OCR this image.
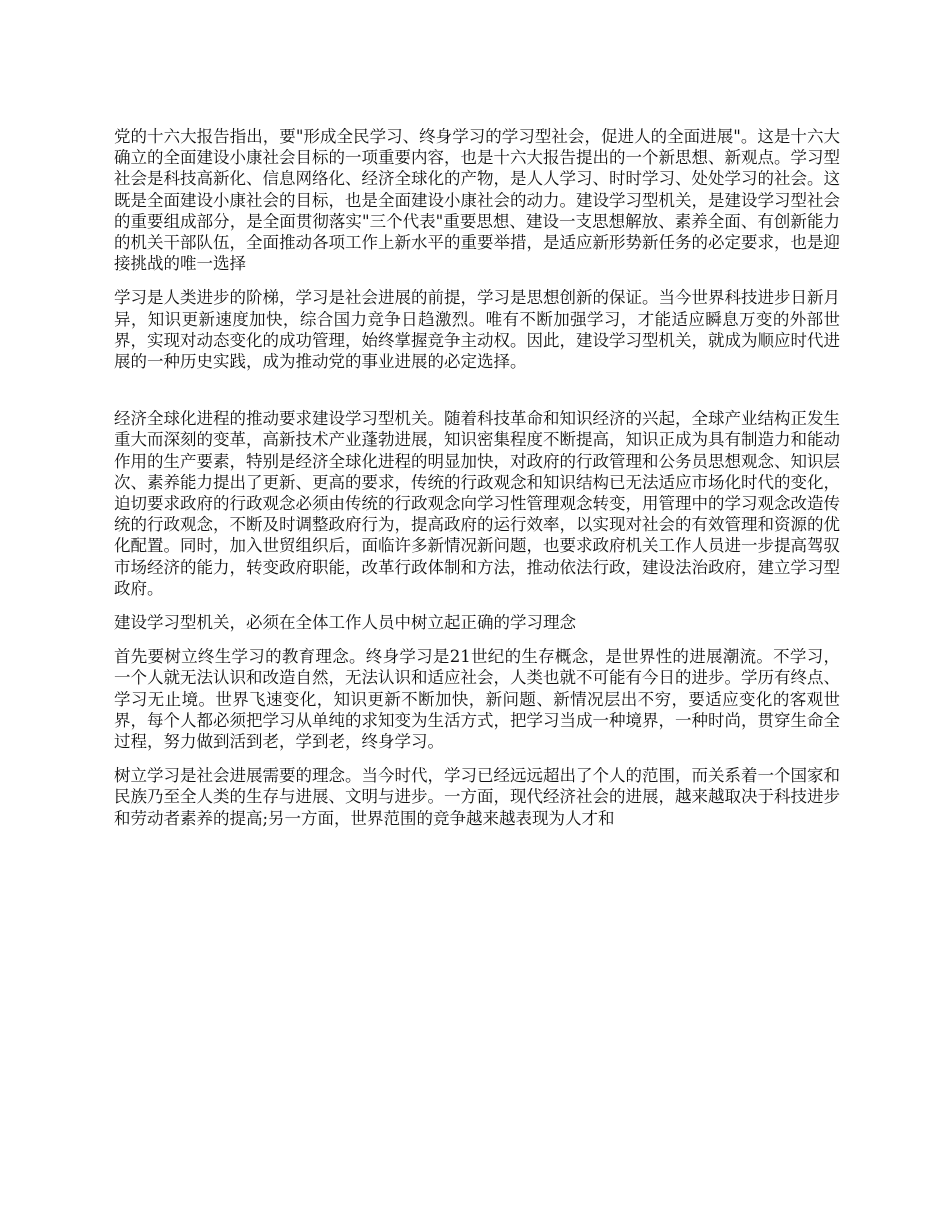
党的十六大报告指出，要"形成全民学习、终身学习的学习型社会，促进人的全面进展"。这是十六大确立的全面建设小康社会目标的一项重要内容，也是十六大报告提出的一个新思想、新观点。学习型社会是科技高新化、信息网络化、经济全球化的产物，是人人学习、时时学习、处处学习的社会。这既是全面建设小康社会的目标，也是全面建设小康社会的动力。建设学习型机关，是建设学习型社会的重要组成部分，是全面贯彻落实"三个代表"重要思想、建设一支思想解放、素养全面、有创新能力的机关干部队伍，全面推动各项工作上新水平的重要举措，是适应新形势新任务的必定要求，也是迎接挑战的唯一选择

学习是人类进步的阶梯，学习是社会进展的前提，学习是思想创新的保证。当今世界科技进步日新月异，知识更新速度加快，综合国力竞争日趋激烈。唯有不断加强学习，才能适应瞬息万变的外部世界，实现对动态变化的成功管理，始终掌握竞争主动权。因此，建设学习型机关，就成为顺应时代进展的一种历史实践，成为推动党的事业进展的必定选择。

经济全球化进程的推动要求建设学习型机关。随着科技革命和知识经济的兴起，全球产业结构正发生重大而深刻的变革，高新技术产业蓬勃进展，知识密集程度不断提高，知识正成为具有制造力和能动作用的生产要素，特别是经济全球化进程的明显加快，对政府的行政管理和公务员思想观念、知识层次、素养能力提出了更新、更高的要求，传统的行政观念和知识结构已无法适应市场化时代的变化，迫切要求政府的行政观念必须由传统的行政观念向学习性管理观念转变，用管理中的学习观念改造传统的行政观念，不断及时调整政府行为，提高政府的运行效率，以实现对社会的有效管理和资源的优化配置。同时，加入世贸组织后，面临许多新情况新问题，也要求政府机关工作人员进一步提高驾驭市场经济的能力，转变政府职能，改革行政体制和方法，推动依法行政，建设法治政府，建立学习型政府。

建设学习型机关，必须在全体工作人员中树立起正确的学习理念

首先要树立终生学习的教育理念。终身学习是21世纪的生存概念，是世界性的进展潮流。不学习，一个人就无法认识和改造自然，无法认识和适应社会，人类也就不可能有今日的进步。学历有终点、学习无止境。世界飞速变化，知识更新不断加快，新问题、新情况层出不穷，要适应变化的客观世界，每个人都必须把学习从单纯的求知变为生活方式，把学习当成一种境界，一种时尚，贯穿生命全过程，努力做到活到老，学到老，终身学习。

树立学习是社会进展需要的理念。当今时代，学习已经远远超出了个人的范围，而关系着一个国家和民族乃至全人类的生存与进展、文明与进步。一方面，现代经济社会的进展，越来越取决于科技进步和劳动者素养的提高;另一方面，世界范围的竞争越来越表现为人才和
